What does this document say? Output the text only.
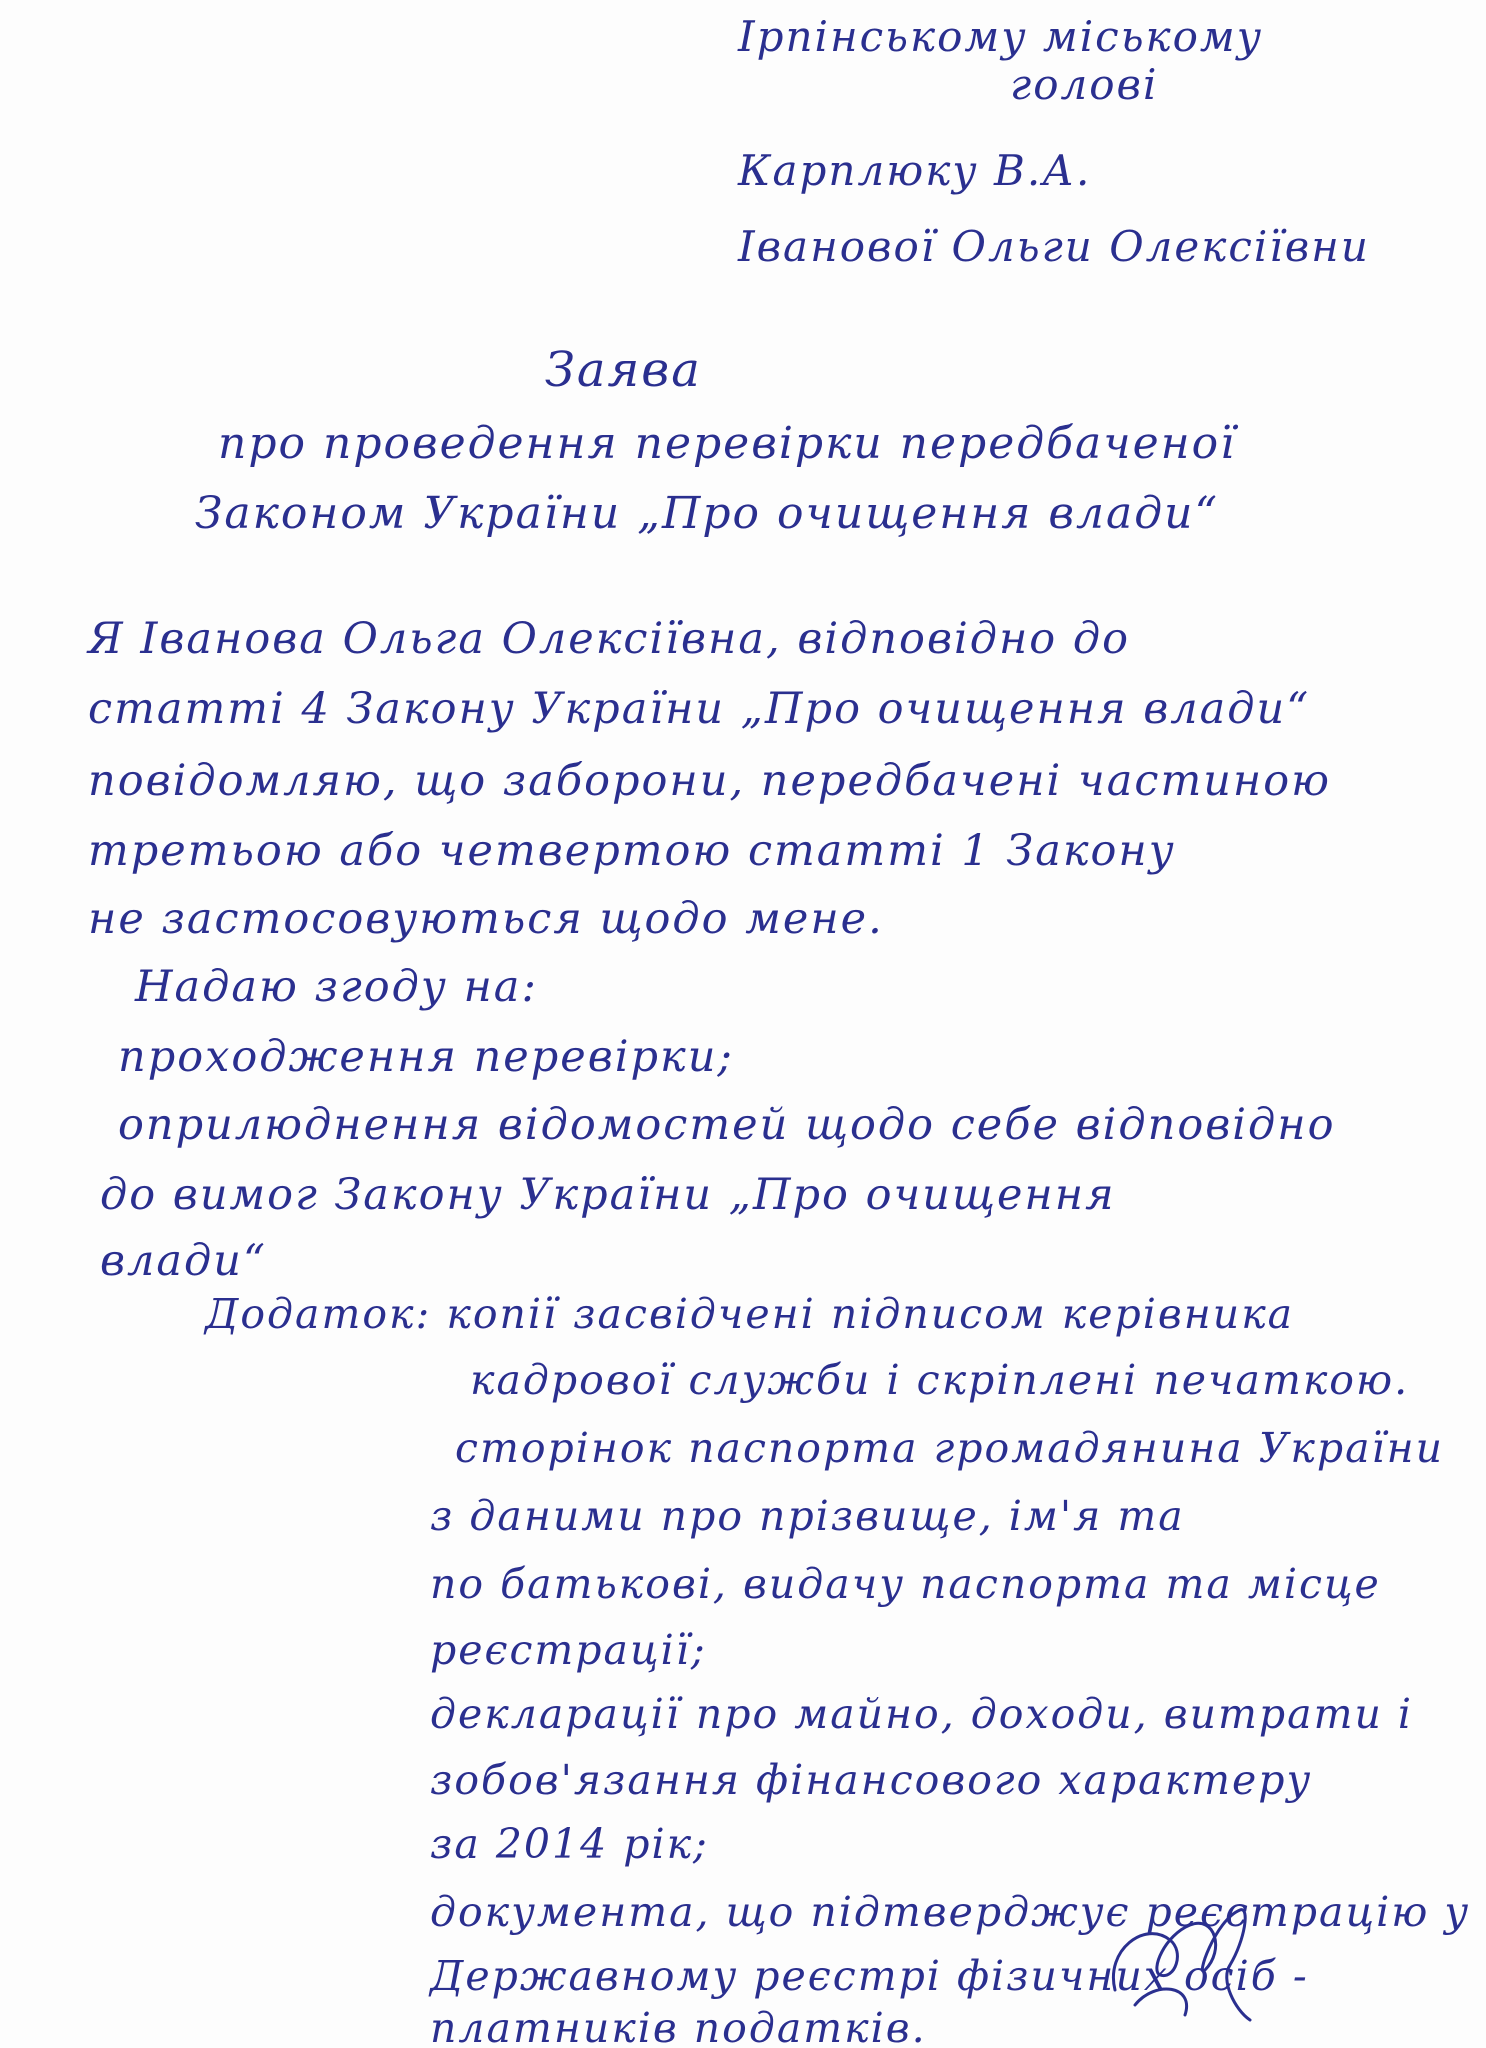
Ірпінському міському
голові
Карплюку В.А.
Іванової Ольги Олексіївни
Заява
про проведення перевірки передбаченої
Законом України „Про очищення влади“
Я Іванова Ольга Олексіївна, відповідно до
статті 4 Закону України „Про очищення влади“
повідомляю, що заборони, передбачені частиною
третьою або четвертою статті 1 Закону
не застосовуються щодо мене.
Надаю згоду на:
проходження перевірки;
оприлюднення відомостей щодо себе відповідно
до вимог Закону України „Про очищення
влади“
Додаток: копії засвідчені підписом керівника
кадрової служби і скріплені печаткою.
сторінок паспорта громадянина України
з даними про прізвище, ім'я та
по батькові, видачу паспорта та місце
реєстрації;
декларації про майно, доходи, витрати і
зобов'язання фінансового характеру
за 2014 рік;
документа, що підтверджує реєстрацію у
Державному реєстрі фізичних осіб -
платників податків.
